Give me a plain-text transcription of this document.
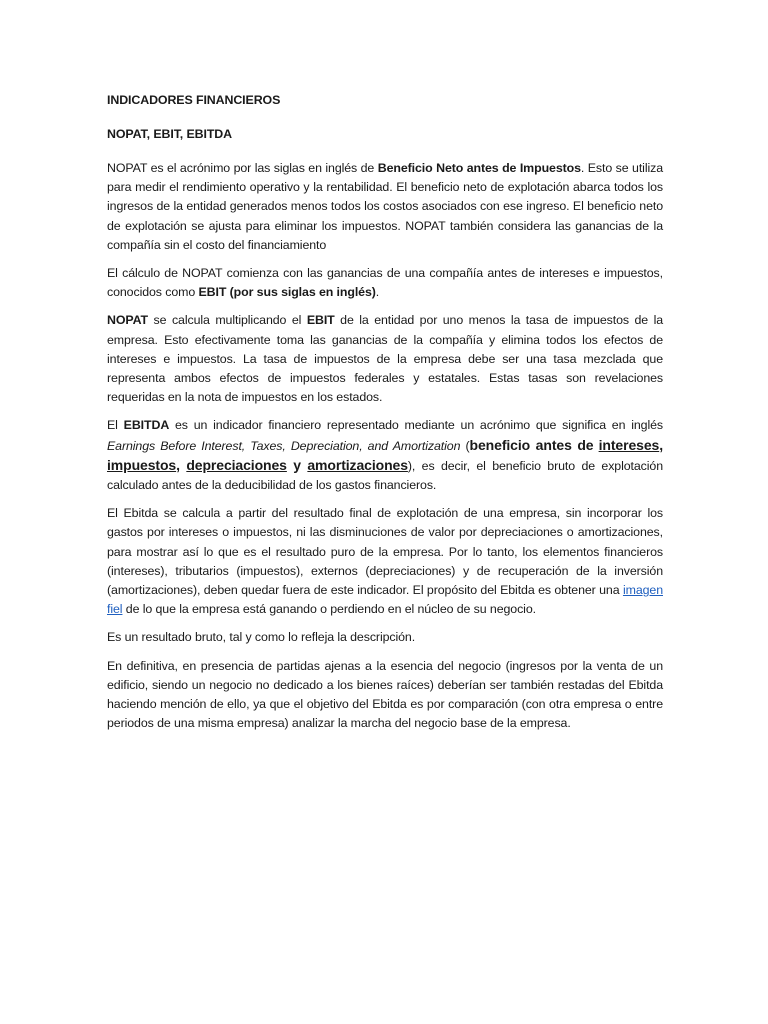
INDICADORES FINANCIEROS
NOPAT, EBIT, EBITDA

NOPAT es el acrónimo por las siglas en inglés de Beneficio Neto antes de Impuestos. Esto se utiliza para medir el rendimiento operativo y la rentabilidad. El beneficio neto de explotación abarca todos los ingresos de la entidad generados menos todos los costos asociados con ese ingreso. El beneficio neto de explotación se ajusta para eliminar los impuestos. NOPAT también considera las ganancias de la compañía sin el costo del financiamiento

El cálculo de NOPAT comienza con las ganancias de una compañía antes de intereses e impuestos, conocidos como EBIT (por sus siglas en inglés).

NOPAT se calcula multiplicando el EBIT de la entidad por uno menos la tasa de impuestos de la empresa. Esto efectivamente toma las ganancias de la compañía y elimina todos los efectos de intereses e impuestos. La tasa de impuestos de la empresa debe ser una tasa mezclada que representa ambos efectos de impuestos federales y estatales. Estas tasas son revelaciones requeridas en la nota de impuestos en los estados.

El EBITDA es un indicador financiero representado mediante un acrónimo que significa en inglés Earnings Before Interest, Taxes, Depreciation, and Amortization (beneficio antes de intereses, impuestos, depreciaciones y amortizaciones), es decir, el beneficio bruto de explotación calculado antes de la deducibilidad de los gastos financieros.

El Ebitda se calcula a partir del resultado final de explotación de una empresa, sin incorporar los gastos por intereses o impuestos, ni las disminuciones de valor por depreciaciones o amortizaciones, para mostrar así lo que es el resultado puro de la empresa. Por lo tanto, los elementos financieros (intereses), tributarios (impuestos), externos (depreciaciones) y de recuperación de la inversión (amortizaciones), deben quedar fuera de este indicador. El propósito del Ebitda es obtener una imagen fiel de lo que la empresa está ganando o perdiendo en el núcleo de su negocio.

Es un resultado bruto, tal y como lo refleja la descripción.

En definitiva, en presencia de partidas ajenas a la esencia del negocio (ingresos por la venta de un edificio, siendo un negocio no dedicado a los bienes raíces) deberían ser también restadas del Ebitda haciendo mención de ello, ya que el objetivo del Ebitda es por comparación (con otra empresa o entre periodos de una misma empresa) analizar la marcha del negocio base de la empresa.
